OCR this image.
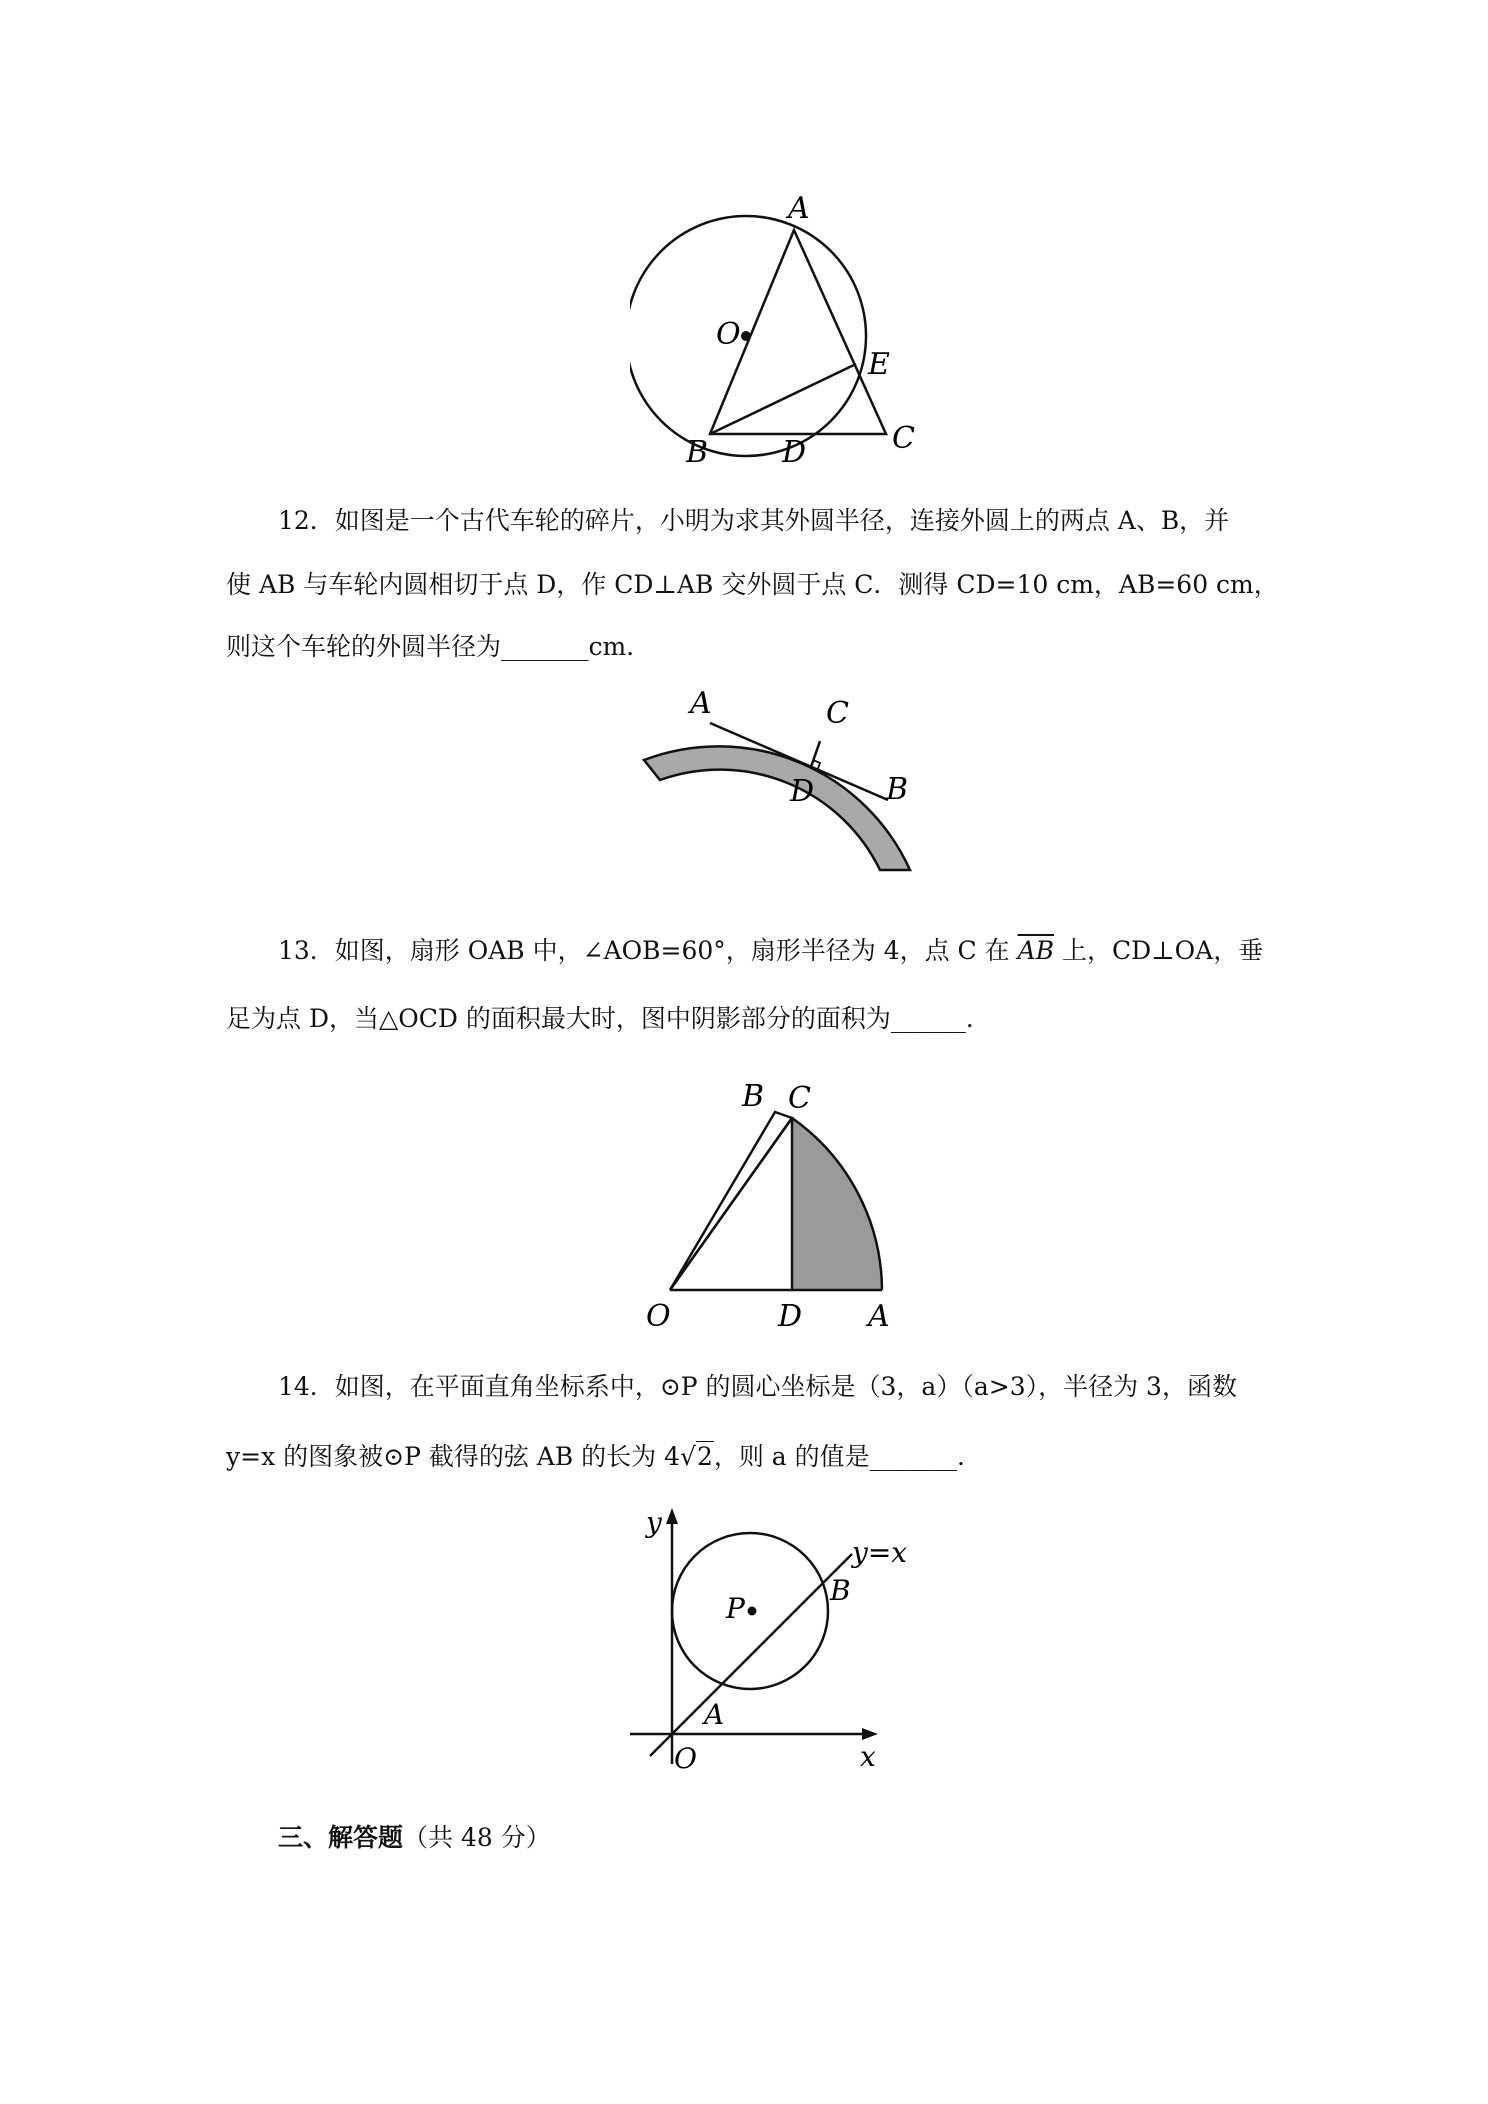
A
O
E
B D	C
12．如图是一个古代车轮的碎片，小明为求其外圆半径，连接外圆上的两点 A、B，并
使 AB 与车轮内圆相切于点 D，作 CD⊥AB 交外圆于点 C．测得 CD=10 cm，AB=60 cm，
则这个车轮的外圆半径为_______cm．
A	C
D B
13．如图，扇形 OAB 中，∠AOB=60°，扇形半径为 4，点 C 在 $\overline{AB}$ 上，CD⊥OA，垂
足为点 D，当△OCD 的面积最大时，图中阴影部分的面积为______．
B C
O	D A
14．如图，在平面直角坐标系中，⊙P 的圆心坐标是（3，a）（a>3），半径为 3，函数
y=x 的图象被⊙P 截得的弦 AB 的长为 4√2，则 a 的值是_______．
y
y=x
P
B
A
O	x
三、解答题（共 48 分）
